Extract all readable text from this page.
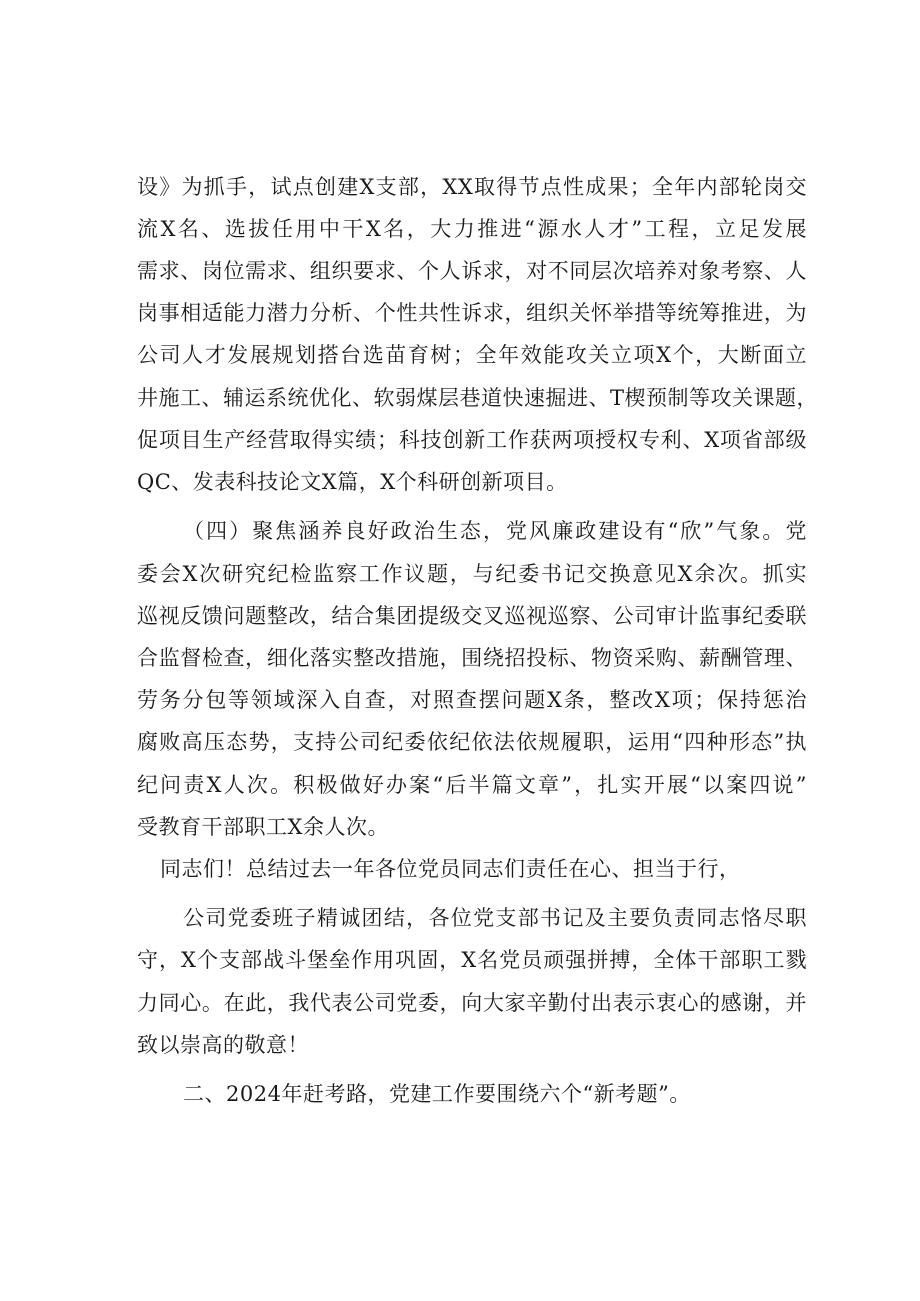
设》为抓手，试点创建X支部，XX取得节点性成果；全年内部轮岗交
流X名、选拔任用中干X名，大力推进“源水人才”工程，立足发展
需求、岗位需求、组织要求、个人诉求，对不同层次培养对象考察、人
岗事相适能力潜力分析、个性共性诉求，组织关怀举措等统筹推进，为
公司人才发展规划搭台选苗育树；全年效能攻关立项X个，大断面立
井施工、辅运系统优化、软弱煤层巷道快速掘进、T楔预制等攻关课题，
促项目生产经营取得实绩；科技创新工作获两项授权专利、X项省部级
QC、发表科技论文X篇，X个科研创新项目。
（四）聚焦涵养良好政治生态，党风廉政建设有“欣”气象。党
委会X次研究纪检监察工作议题，与纪委书记交换意见X余次。抓实
巡视反馈问题整改，结合集团提级交叉巡视巡察、公司审计监事纪委联
合监督检查，细化落实整改措施，围绕招投标、物资采购、薪酬管理、
劳务分包等领域深入自查，对照查摆问题X条，整改X项；保持惩治
腐败高压态势，支持公司纪委依纪依法依规履职，运用“四种形态”执
纪问责X人次。积极做好办案“后半篇文章”，扎实开展“以案四说”
受教育干部职工X余人次。
同志们！总结过去一年各位党员同志们责任在心、担当于行，
公司党委班子精诚团结，各位党支部书记及主要负责同志恪尽职
守，X个支部战斗堡垒作用巩固，X名党员顽强拼搏，全体干部职工戮
力同心。在此，我代表公司党委，向大家辛勤付出表示衷心的感谢，并
致以崇高的敬意！
二、2024年赶考路，党建工作要围绕六个“新考题”。
